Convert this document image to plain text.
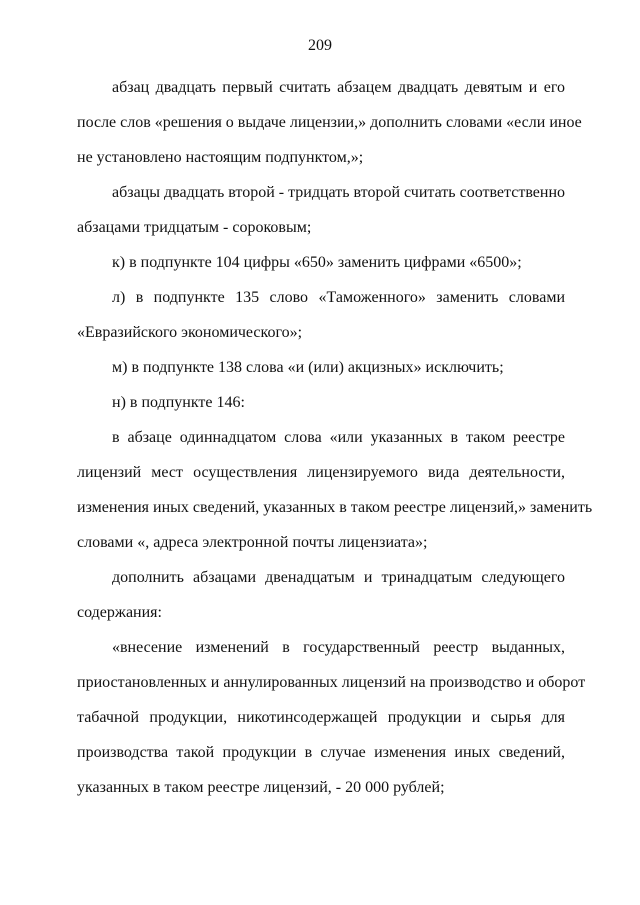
209
абзац двадцать первый считать абзацем двадцать девятым и его
после слов «решения о выдаче лицензии,» дополнить словами «если иное
не установлено настоящим подпунктом,»;
абзацы двадцать второй - тридцать второй считать соответственно
абзацами тридцатым - сороковым;
к) в подпункте 104 цифры «650» заменить цифрами «6500»;
л) в подпункте 135 слово «Таможенного» заменить словами
«Евразийского экономического»;
м) в подпункте 138 слова «и (или) акцизных» исключить;
н) в подпункте 146:
в абзаце одиннадцатом слова «или указанных в таком реестре
лицензий мест осуществления лицензируемого вида деятельности,
изменения иных сведений, указанных в таком реестре лицензий,» заменить
словами «, адреса электронной почты лицензиата»;
дополнить абзацами двенадцатым и тринадцатым следующего
содержания:
«внесение изменений в государственный реестр выданных,
приостановленных и аннулированных лицензий на производство и оборот
табачной продукции, никотинсодержащей продукции и сырья для
производства такой продукции в случае изменения иных сведений,
указанных в таком реестре лицензий, - 20 000 рублей;
